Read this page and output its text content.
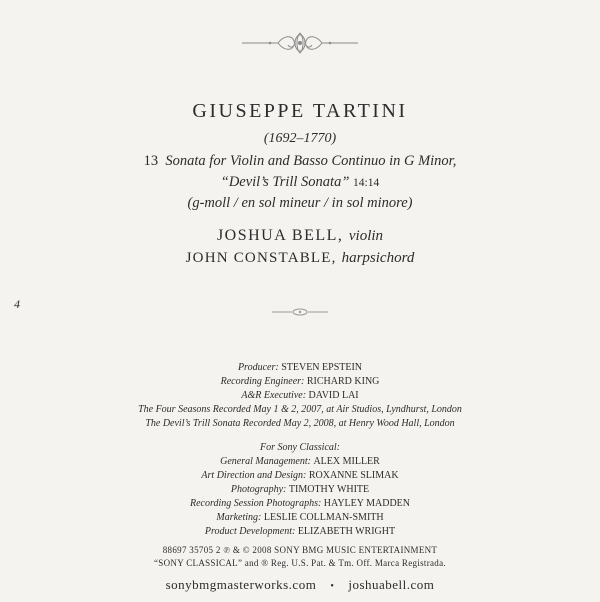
GIUSEPPE TARTINI
(1692–1770)
13 Sonata for Violin and Basso Continuo in G Minor,
“Devil’s Trill Sonata” 14:14
(g-moll / en sol mineur / in sol minore)
JOSHUA BELL, violin
JOHN CONSTABLE, harpsichord
4
Producer: STEVEN EPSTEIN
Recording Engineer: RICHARD KING
A&R Executive: DAVID LAI
The Four Seasons Recorded May 1 & 2, 2007, at Air Studios, Lyndhurst, London
The Devil’s Trill Sonata Recorded May 2, 2008, at Henry Wood Hall, London
For Sony Classical:
General Management: ALEX MILLER
Art Direction and Design: ROXANNE SLIMAK
Photography: TIMOTHY WHITE
Recording Session Photographs: HAYLEY MADDEN
Marketing: LESLIE COLLMAN-SMITH
Product Development: ELIZABETH WRIGHT
88697 35705 2 ℗ & © 2008 SONY BMG MUSIC ENTERTAINMENT
“SONY CLASSICAL” and ® Reg. U.S. Pat. & Tm. Off. Marca Registrada.
sonybmgmasterworks.com • joshuabell.com
